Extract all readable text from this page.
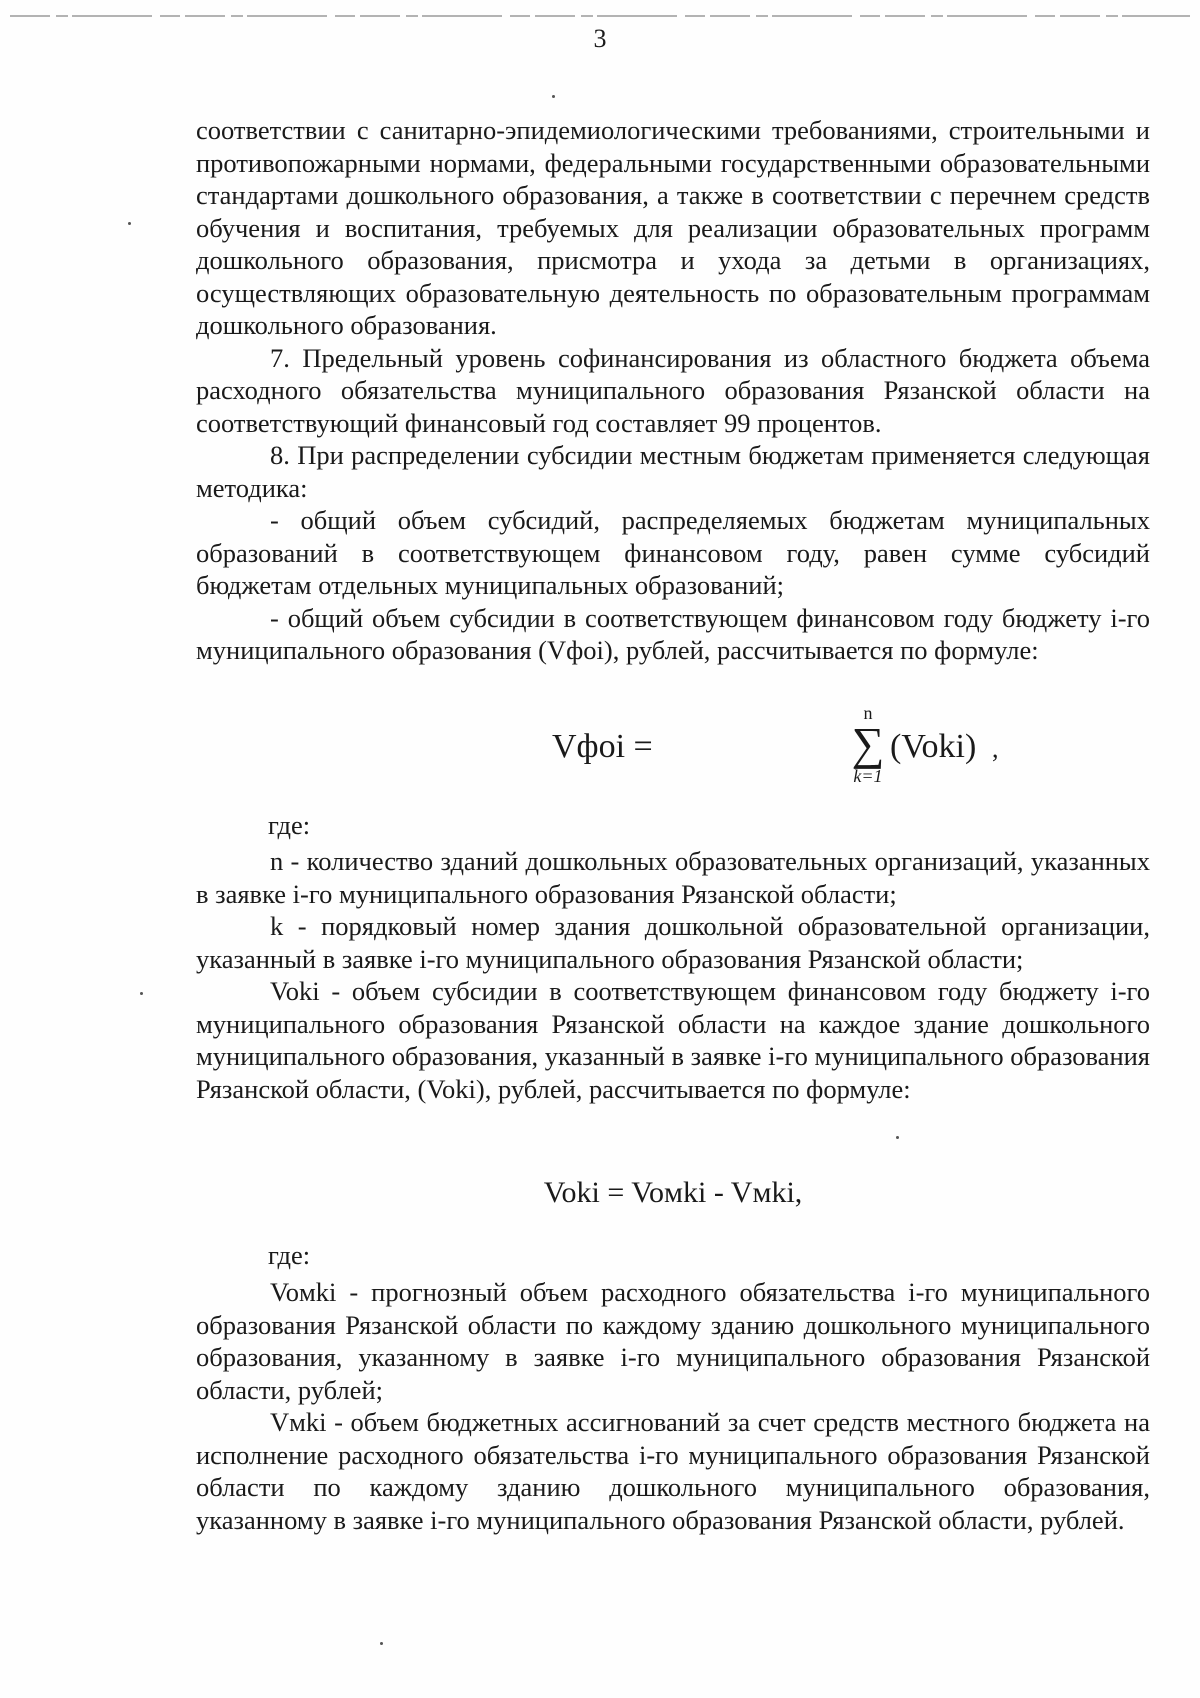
3

соответствии с санитарно-эпидемиологическими требованиями, строительными и противопожарными нормами, федеральными государственными образовательными стандартами дошкольного образования, а также в соответствии с перечнем средств обучения и воспитания, требуемых для реализации образовательных программ дошкольного образования, присмотра и ухода за детьми в организациях, осуществляющих образовательную деятельность по образовательным программам дошкольного образования.

7. Предельный уровень софинансирования из областного бюджета объема расходного обязательства муниципального образования Рязанской области на соответствующий финансовый год составляет 99 процентов.

8. При распределении субсидии местным бюджетам применяется следующая методика:

- общий объем субсидий, распределяемых бюджетам муниципальных образований в соответствующем финансовом году, равен сумме субсидий бюджетам отдельных муниципальных образований;

- общий объем субсидии в соответствующем финансовом году бюджету i-го муниципального образования (Vфоi), рублей, рассчитывается по формуле:

Vфоi =
n
∑
k=1
(Voki) ,
где:

n - количество зданий дошкольных образовательных организаций, указанных в заявке i-го муниципального образования Рязанской области;

k - порядковый номер здания дошкольной образовательной организации, указанный в заявке i-го муниципального образования Рязанской области;

Voki - объем субсидии в соответствующем финансовом году бюджету i-го муниципального образования Рязанской области на каждое здание дошкольного муниципального образования, указанный в заявке i-го муниципального образования Рязанской области, (Voki), рублей, рассчитывается по формуле:

Voki = Voмki - Vмki,
где:

Voмki - прогнозный объем расходного обязательства i-го муниципального образования Рязанской области по каждому зданию дошкольного муниципального образования, указанному в заявке i-го муниципального образования Рязанской области, рублей;

Vмki - объем бюджетных ассигнований за счет средств местного бюджета на исполнение расходного обязательства i-го муниципального образования Рязанской области по каждому зданию дошкольного муниципального образования, указанному в заявке i-го муниципального образования Рязанской области, рублей.
